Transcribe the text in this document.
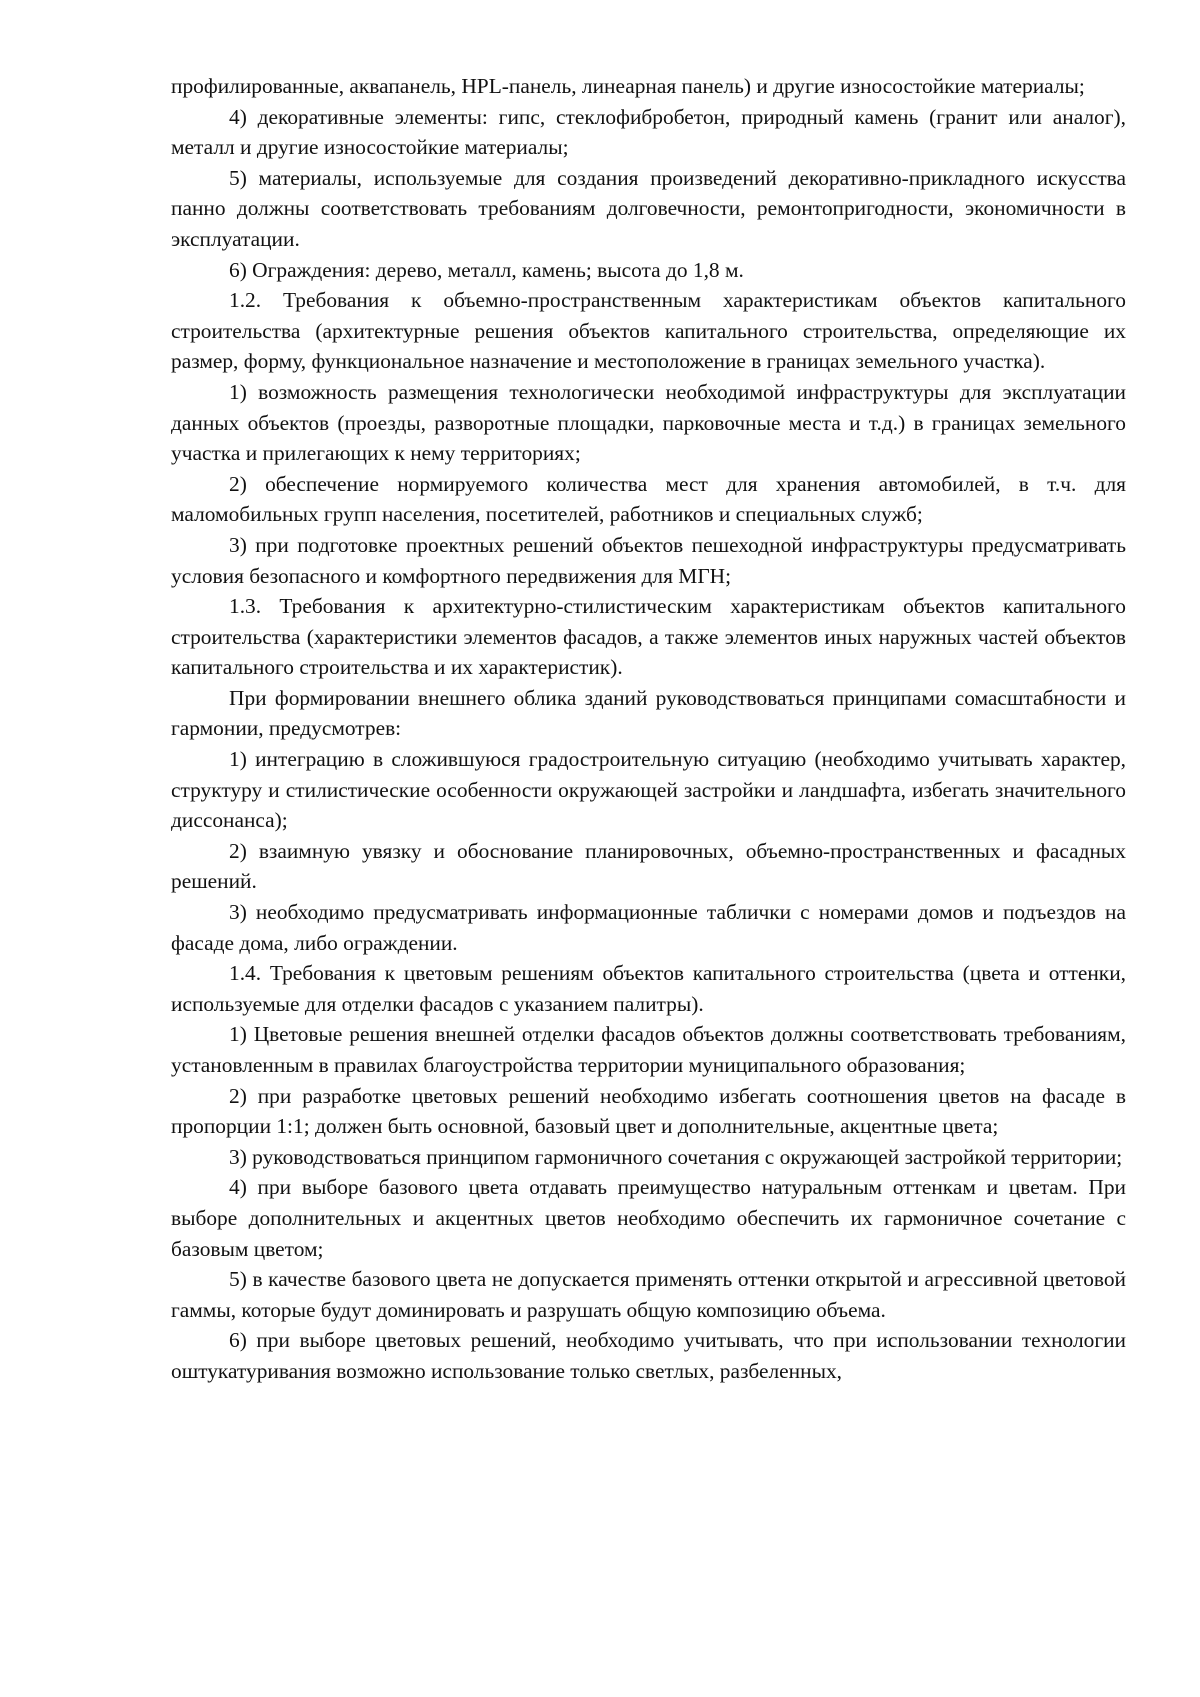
профилированные, аквапанель, HPL-панель, линеарная панель) и другие износостойкие материалы;

4) декоративные элементы: гипс, стеклофибробетон, природный камень (гранит или аналог), металл и другие износостойкие материалы;

5) материалы, используемые для создания произведений декоративно-прикладного искусства панно должны соответствовать требованиям долговечности, ремонтопригодности, экономичности в эксплуатации.

6) Ограждения: дерево, металл, камень; высота до 1,8 м.

1.2. Требования к объемно-пространственным характеристикам объектов капитального строительства (архитектурные решения объектов капитального строительства, определяющие их размер, форму, функциональное назначение и местоположение в границах земельного участка).

1) возможность размещения технологически необходимой инфраструктуры для эксплуатации данных объектов (проезды, разворотные площадки, парковочные места и т.д.) в границах земельного участка и прилегающих к нему территориях;

2) обеспечение нормируемого количества мест для хранения автомобилей, в т.ч. для маломобильных групп населения, посетителей, работников и специальных служб;

3) при подготовке проектных решений объектов пешеходной инфраструктуры предусматривать условия безопасного и комфортного передвижения для МГН;

1.3. Требования к архитектурно-стилистическим характеристикам объектов капитального строительства (характеристики элементов фасадов, а также элементов иных наружных частей объектов капитального строительства и их характеристик).

При формировании внешнего облика зданий руководствоваться принципами сомасштабности и гармонии, предусмотрев:

1) интеграцию в сложившуюся градостроительную ситуацию (необходимо учитывать характер, структуру и стилистические особенности окружающей застройки и ландшафта, избегать значительного диссонанса);

2) взаимную увязку и обоснование планировочных, объемно-пространственных и фасадных решений.

3) необходимо предусматривать информационные таблички с номерами домов и подъездов на фасаде дома, либо ограждении.

1.4. Требования к цветовым решениям объектов капитального строительства (цвета и оттенки, используемые для отделки фасадов с указанием палитры).

1) Цветовые решения внешней отделки фасадов объектов должны соответствовать требованиям, установленным в правилах благоустройства территории муниципального образования;

2) при разработке цветовых решений необходимо избегать соотношения цветов на фасаде в пропорции 1:1; должен быть основной, базовый цвет и дополнительные, акцентные цвета;

3) руководствоваться принципом гармоничного сочетания с окружающей застройкой территории;

4) при выборе базового цвета отдавать преимущество натуральным оттенкам и цветам. При выборе дополнительных и акцентных цветов необходимо обеспечить их гармоничное сочетание с базовым цветом;

5) в качестве базового цвета не допускается применять оттенки открытой и агрессивной цветовой гаммы, которые будут доминировать и разрушать общую композицию объема.

6) при выборе цветовых решений, необходимо учитывать, что при использовании технологии оштукатуривания возможно использование только светлых, разбеленных,
